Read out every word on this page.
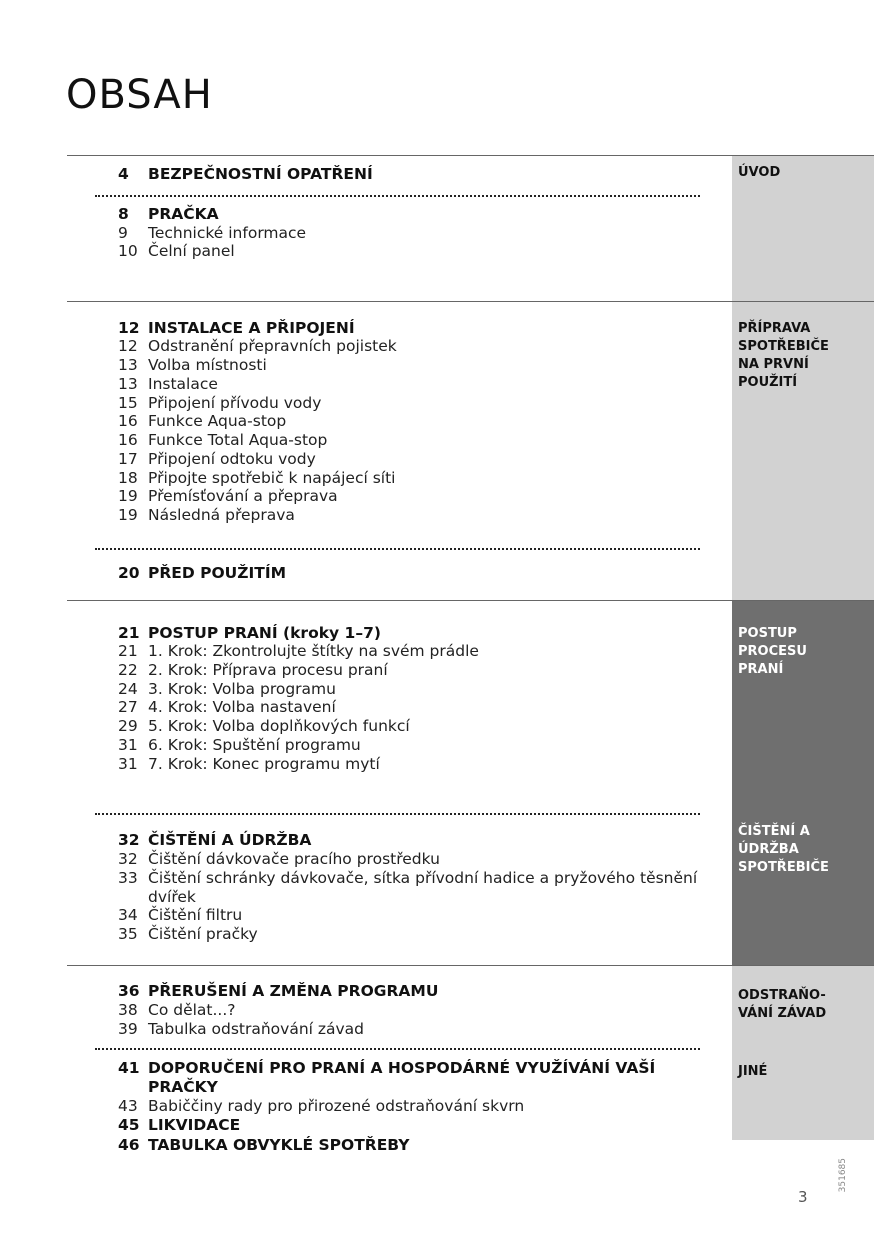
OBSAH
ÚVOD
PŘÍPRAVA
SPOTŘEBIČE
NA PRVNÍ
POUŽITÍ
POSTUP
PROCESU
PRANÍ
ČIŠTĚNÍ A
ÚDRŽBA
SPOTŘEBIČE
ODSTRAŇO-
VÁNÍ ZÁVAD
JINÉ
4	BEZPEČNOSTNÍ OPATŘENÍ
8	PRAČKA
9	Technické informace
10 Čelní panel
12 INSTALACE A PŘIPOJENÍ
12 Odstranění přepravních pojistek
13 Volba místnosti
13 Instalace
15 Připojení přívodu vody
16 Funkce Aqua-stop
16 Funkce Total Aqua-stop
17 Připojení odtoku vody
18 Připojte spotřebič k napájecí síti
19 Přemísťování a přeprava
19 Následná přeprava
20 PŘED POUŽITÍM
21 POSTUP PRANÍ (kroky 1–7)
21 1. Krok: Zkontrolujte štítky na svém prádle
22 2. Krok: Příprava procesu praní
24 3. Krok: Volba programu
27 4. Krok: Volba nastavení
29 5. Krok: Volba doplňkových funkcí
31 6. Krok: Spuštění programu
31 7. Krok: Konec programu mytí
32 ČIŠTĚNÍ A ÚDRŽBA
32 Čištění dávkovače pracího prostředku
33 Čištění schránky dávkovače, sítka přívodní hadice a pryžového těsnění dvířek
34 Čištění filtru
35 Čištění pračky
36 PŘERUŠENÍ A ZMĚNA PROGRAMU
38 Co dělat...?
39 Tabulka odstraňování závad
41 DOPORUČENÍ PRO PRANÍ A HOSPODÁRNÉ VYUŽÍVÁNÍ VAŠÍ PRAČKY
43 Babiččiny rady pro přirozené odstraňování skvrn
45 LIKVIDACE
46 TABULKA OBVYKLÉ SPOTŘEBY
351685
3
